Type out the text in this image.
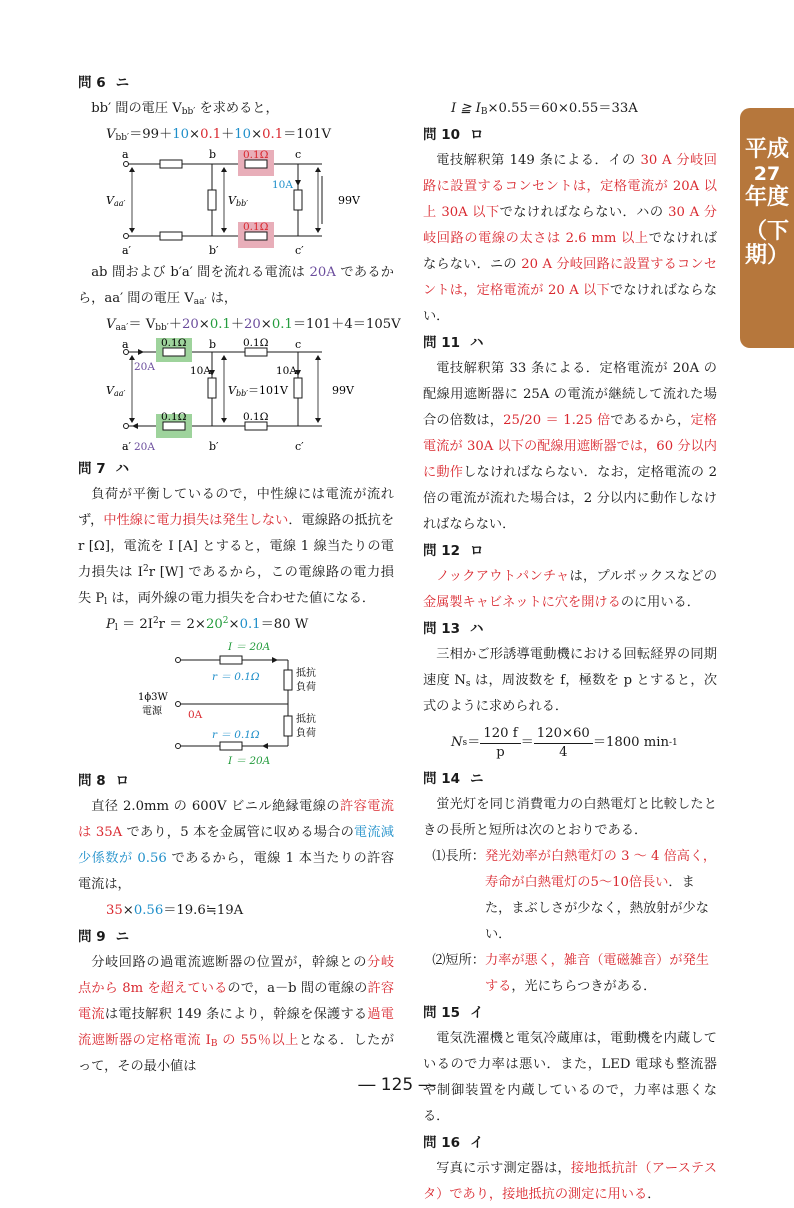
平成
27
年度
（下期）
問 6 ニ

bb′ 間の電圧 $V_{bb'}$ を求めると，

$V_{bb'}=99+10\times 0.1+10\times 0.1=101V$
a	b	c
a′	b′	c′
0.1Ω
0.1Ω
10A
Vaa′	Vbb′	99V

ab 間および b′a′ 間を流れる電流は 20A であるから，aa′ 間の電圧 $V_{aa'}$ は，

$V_{aa'}= V_{bb'}+20\times 0.1+20\times 0.1=101+4=105V$
a	b	c
a′	b′	c′
0.1Ω	0.1Ω
0.1Ω	0.1Ω
20A	10A	10A
20A
Vaa′	Vbb′＝101V	99V
問 7 ハ

負荷が平衡しているので，中性線には電流が流れず，中性線に電力損失は発生しない．電線路の抵抗を r [Ω]，電流を I [A] とすると，電線 1 線当たりの電力損失は $I^2r$ [W] であるから，この電線路の電力損失 $P_l$ は，両外線の電力損失を合わせた値になる．

$P_l = 2I^2r = 2\times 20^2\times 0.1=80$ W
I ＝ 20A
r ＝ 0.1Ω	抵抗
負荷
1ϕ3W
電源 0A	抵抗
負荷
r ＝ 0.1Ω
I ＝ 20A
問 8 ロ

直径 2.0mm の 600V ビニル絶縁電線の許容電流は 35A であり，5 本を金属管に収める場合の電流減少係数が 0.56 であるから，電線 1 本当たりの許容電流は，

35×0.56＝19.6≒19A
問 9 ニ

分岐回路の過電流遮断器の位置が，幹線との分岐点から 8m を超えているので，a－b 間の電線の許容電流は電技解釈 149 条により，幹線を保護する過電流遮断器の定格電流 $I_B$ の 55％以上となる．したがって，その最小値は

I ≧ $I_B\times 0.55=60\times 0.55=33A$
問 10 ロ

電技解釈第 149 条による．イの 30 A 分岐回路に設置するコンセントは，定格電流が 20A 以上 30A 以下でなければならない．ハの 30 A 分岐回路の電線の太さは 2.6 mm 以上でなければならない．ニの 20 A 分岐回路に設置するコンセントは，定格電流が 20 A 以下でなければならない．

問 11 ハ

電技解釈第 33 条による．定格電流が 20A の配線用遮断器に 25A の電流が継続して流れた場合の倍数は，25/20 ＝ 1.25 倍であるから，定格電流が 30A 以下の配線用遮断器では，60 分以内に動作しなければならない．なお，定格電流の 2 倍の電流が流れた場合は，2 分以内に動作しなければならない．

問 12 ロ

ノックアウトパンチャは，プルボックスなどの金属製キャビネットに穴を開けるのに用いる．

問 13 ハ

三相かご形誘導電動機における回転経界の同期速度 $N_s$ は，周波数を f，極数を p とすると，次式のように求められる．

N $s = \frac{120 f}{p} = \frac{120\times 60}{4} =1800$ min -1
問 14 ニ

蛍光灯を同じ消費電力の白熱電灯と比較したときの長所と短所は次のとおりである．

⑴長所： 発光効率が白熱電灯の 3 ～ 4 倍高く，寿命が白熱電灯の5～10倍長い．また，まぶしさが少なく，熱放射が少ない．
⑵短所： 力率が悪く，雑音（電磁雑音）が発生する，光にちらつきがある．
問 15 イ

電気洗濯機と電気冷蔵庫は，電動機を内蔵しているので力率は悪い．また，LED 電球も整流器や制御装置を内蔵しているので，力率は悪くなる．

問 16 イ

写真に示す測定器は，接地抵抗計（アーステスタ）であり，接地抵抗の測定に用いる．

― 125 ―
